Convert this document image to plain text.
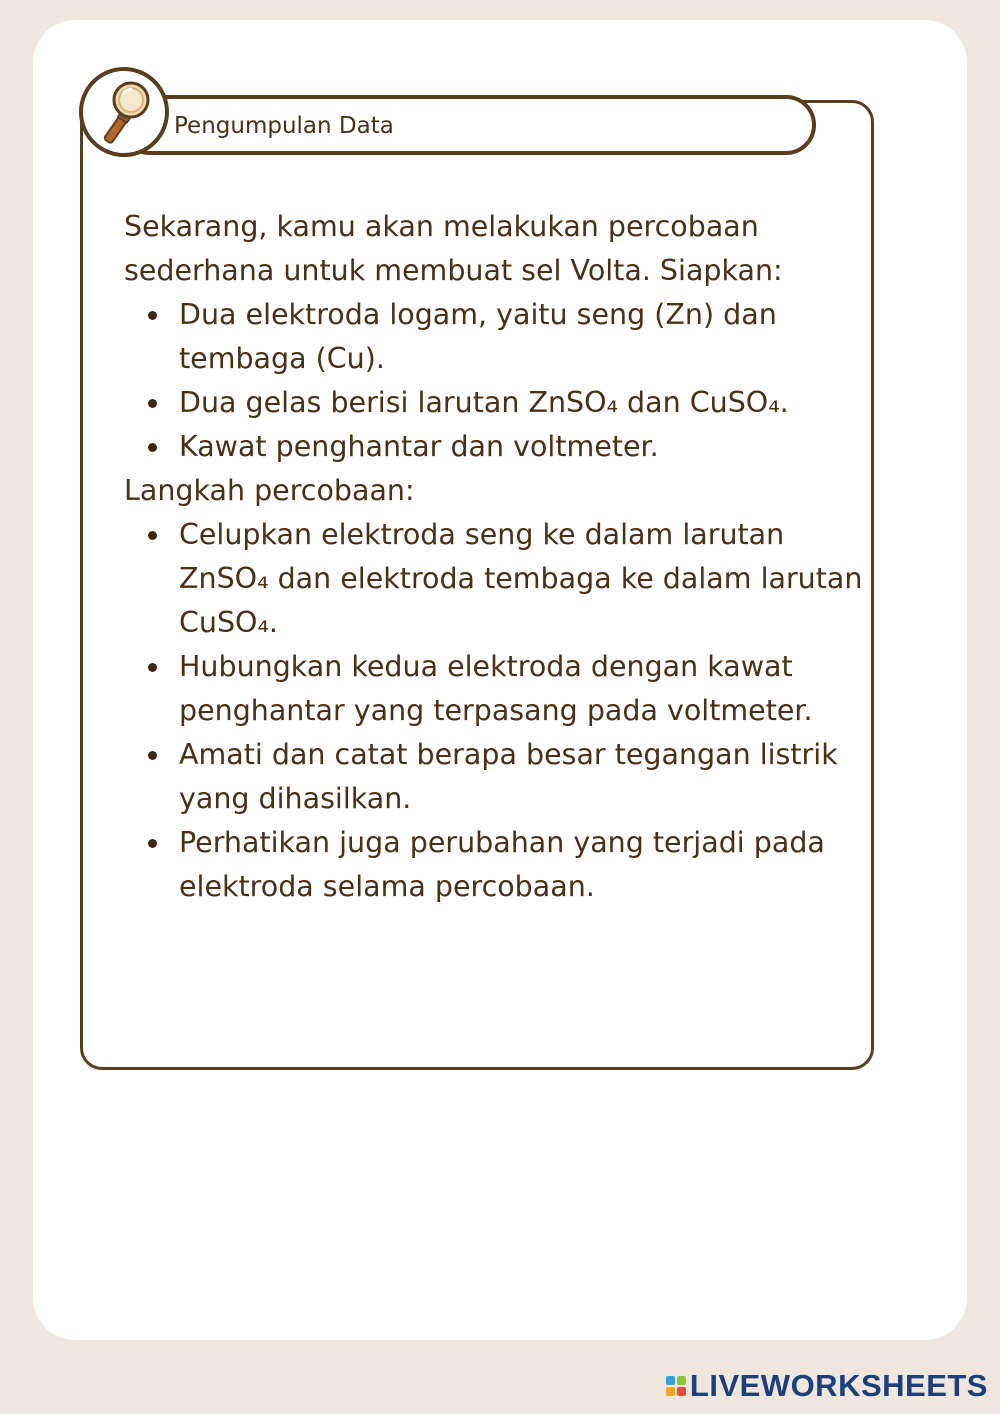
Pengumpulan Data

Sekarang, kamu akan melakukan percobaan sederhana untuk membuat sel Volta. Siapkan:

Dua elektroda logam, yaitu seng (Zn) dan tembaga (Cu).
Dua gelas berisi larutan ZnSO₄ dan CuSO₄.
Kawat penghantar dan voltmeter.

Langkah percobaan:

Celupkan elektroda seng ke dalam larutan ZnSO₄ dan elektroda tembaga ke dalam larutan CuSO₄.
Hubungkan kedua elektroda dengan kawat penghantar yang terpasang pada voltmeter.
Amati dan catat berapa besar tegangan listrik yang dihasilkan.
Perhatikan juga perubahan yang terjadi pada elektroda selama percobaan.
LIVEWORKSHEETS
